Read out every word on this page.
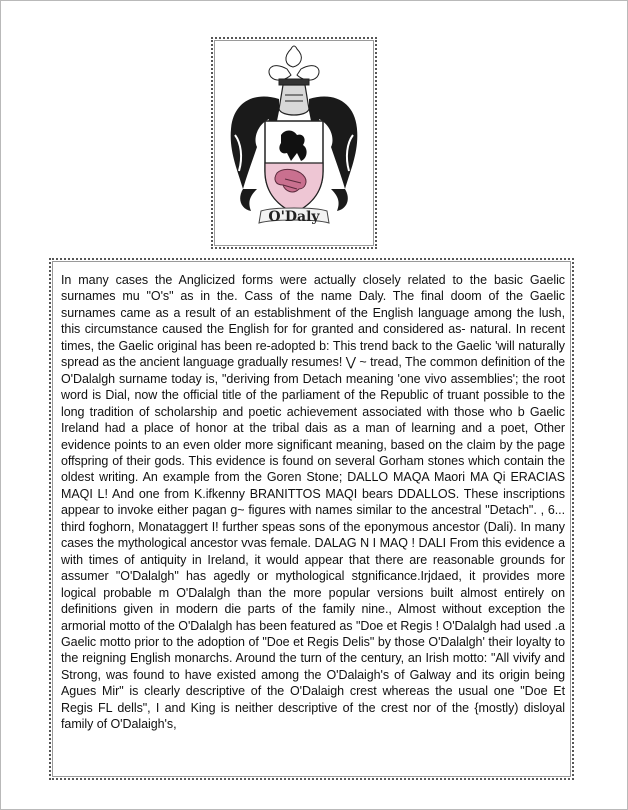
O'Daly
In many cases the Anglicized forms were actually closely related to the basic Gaelic surnames mu "O's" as in the. Cass of the name Daly. The final doom of the Gaelic surnames came as a result of an establishment of the English language among the lush, this circumstance caused the English for for granted and considered as- natural. In recent times, the Gaelic original has been re-adopted b: This trend back to the Gaelic 'will naturally spread as the ancient language gradually resumes! ⋁ ~ tread, The common definition of the O'Dalalgh surname today is, "deriving from Detach meaning 'one vivo assemblies'; the root word is Dial, now the official title of the parliament of the Republic of truant possible to the long tradition of scholarship and poetic achievement associated with those who b Gaelic Ireland had a place of honor at the tribal dais as a man of learning and a poet, Other evidence points to an even older more significant meaning, based on the claim by the page offspring of their gods. This evidence is found on several Gorham stones which contain the oldest writing. An example from the Goren Stone; DALLO MAQA Maori MA Qi ERACIAS MAQI L! And one from K.ifkenny BRANITTOS MAQI bears DDALLOS. These inscriptions appear to invoke either pagan g~ figures with names similar to the ancestral "Detach". , 6... third foghorn, Monataggert I! further speas sons of the eponymous ancestor (Dali). In many cases the mythological ancestor vvas female. DALAG N I MAQ ! DALI From this evidence a with times of antiquity in Ireland, it would appear that there are reasonable grounds for assumer "O'Dalalgh" has agedly or mythological stgnificance.Irjdaed, it provides more logical probable m O'Dalalgh than the more popular versions built almost entirely on definitions given in modern die parts of the family nine., Almost without exception the armorial motto of the O'Dalalgh has been featured as "Doe et Regis ! O'Dalalgh had used .a Gaelic motto prior to the adoption of "Doe et Regis Delis" by those O'Dalalgh' their loyalty to the reigning English monarchs. Around the turn of the century, an Irish motto: "All vivify and Strong, was found to have existed among the O'Dalaigh's of Galway and its origin being Agues Mir" is clearly descriptive of the O'Dalaigh crest whereas the usual one "Doe Et Regis FL dells", I and King is neither descriptive of the crest nor of the {mostly) disloyal family of O'Dalaigh's,
